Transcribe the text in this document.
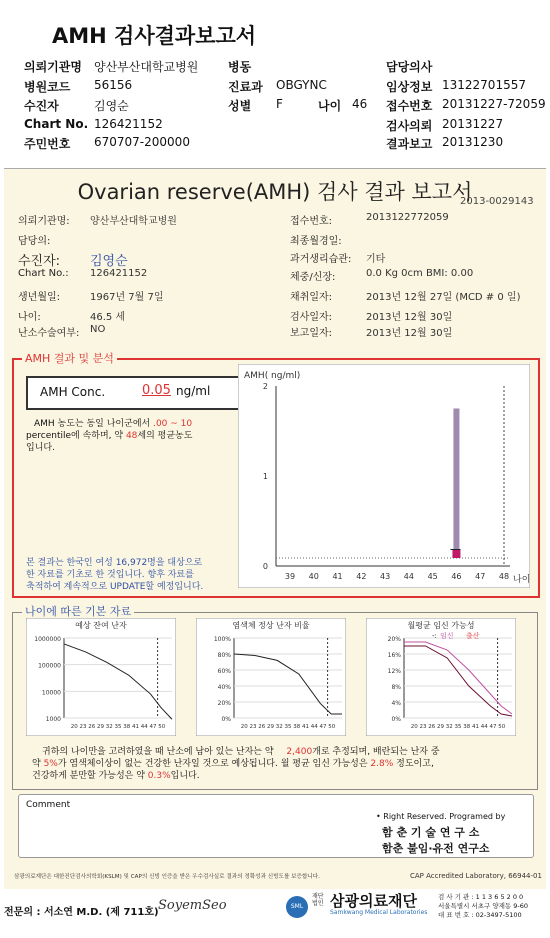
AMH 검사결과보고서
의뢰기관명 양산부산대학교병원 병동	담당의사
병원코드 56156	진료과 OBGYNC	임상정보 13122701557
수진자	김영순	성별 F	나이 46 접수번호 20131227-72059
Chart No. 126421152	검사의뢰 20131227
주민번호 670707-200000	결과보고 20131230
Ovarian reserve(AMH) 검사 결과 보고서
2013-0029143
의뢰기관명: 양산부산대학교병원
담당의:
수진자: 김영순
Chart No.: 126421152
생년월일:	1967년 7월 7일
나이:	46.5 세
난소수술여부: NO
접수번호:	2013122772059
최종월경일:
과거생리습관: 기타
체중/신장:	0.0 Kg 0cm BMI: 0.00
채취일자:	2013년 12월 27일 (MCD # 0 일)
검사일자:	2013년 12월 30일
보고일자:	2013년 12월 30일
AMH 결과 및 분석
AMH Conc.	0.05 ng/ml
AMH 농도는 동일 나이군에서 .00 ~ 10
percentile에 속하며, 약 48세의 평균농도
입니다.
본 결과는 한국인 여성 16,972명을 대상으로
한 자료를 기초로 한 것입니다. 향후 자료를
축적하여 계속적으로 UPDATE할 예정입니다.
AMH( ng/ml)
2
1
0
39 40 41 42 43 44 45 46 47 48 나이
나이에 따른 기본 자료
예상 잔여 난자
1000000
100000
10000
1000
20 23 26 29 32 35 38 41 44 47 50
염색체 정상 난자 비율
100%
80%
60%
40%
20%
0%
20 23 26 29 32 35 38 41 44 47 50
월평균 임신 가능성
20%
16%
12%
8%
4%
0%
20 23 26 29 32 35 38 41 44 47 50
-: 임신 출산
귀하의 나이만을 고려하였을 때 난소에 남아 있는 난자는 약 2,400개로 추정되며, 배란되는 난자 중
약 5%가 염색체이상이 없는 건강한 난자일 것으로 예상됩니다. 월 평균 임신 가능성은 2.8% 정도이고,
건강하게 분만할 가능성은 약 0.3%입니다.
Comment
• Right Reserved. Programed by
함 춘 기 술 연 구 소
함춘 불임·유전 연구소
삼광의료재단은 대한진단검사의학회(KSLM) 및 CAP의 신빙 인증을 받은 우수검사실로 결과의 정확성과 신빙도를 보증합니다.	CAP Accredited Laboratory, 66944-01
전문의 : 서소연 M.D. (제 711호) SoyemSeo	SML
재단법인 삼광의료재단
Samkwang Medical Laboratories
검 사 기 관 : 1 1 3 6 5 2 0 0
서울특별시 서초구 양재동 9-60
대 표 번 호 : 02-3497-5100
